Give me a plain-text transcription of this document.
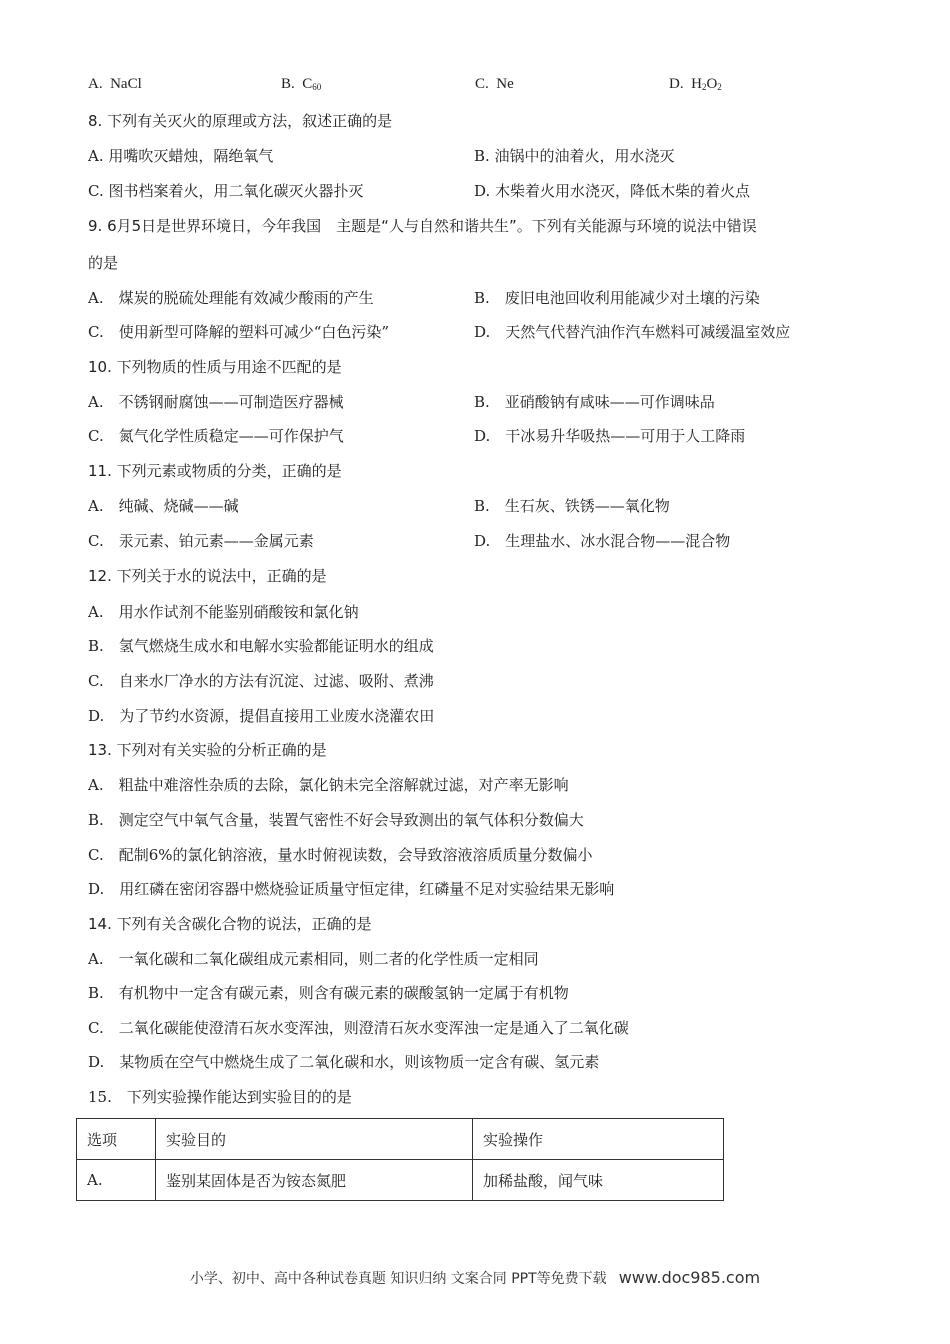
A. NaCl	B. $C_{60}$	C. Ne	D. $H_2O_2$
8. 下列有关灭火的原理或方法，叙述正确的是
A. 用嘴吹灭蜡烛，隔绝氧气	B. 油锅中的油着火，用水浇灭
C. 图书档案着火，用二氧化碳灭火器扑灭	D. 木柴着火用水浇灭，降低木柴的着火点
9. 6月5日是世界环境日，今年我国　主题是“人与自然和谐共生”。下列有关能源与环境的说法中错误
的是
A.　煤炭的脱硫处理能有效减少酸雨的产生	B.　废旧电池回收利用能减少对土壤的污染
C.　使用新型可降解的塑料可减少“白色污染”	D.　天然气代替汽油作汽车燃料可减缓温室效应
10. 下列物质的性质与用途不匹配的是
A.　不锈钢耐腐蚀——可制造医疗器械	B.　亚硝酸钠有咸味——可作调味品
C.　氮气化学性质稳定——可作保护气	D.　干冰易升华吸热——可用于人工降雨
11. 下列元素或物质的分类，正确的是
A.　纯碱、烧碱——碱	B.　生石灰、铁锈——氧化物
C.　汞元素、铂元素——金属元素	D.　生理盐水、冰水混合物——混合物
12. 下列关于水的说法中，正确的是
A.　用水作试剂不能鉴别硝酸铵和氯化钠
B.　氢气燃烧生成水和电解水实验都能证明水的组成
C.　自来水厂净水的方法有沉淀、过滤、吸附、煮沸
D.　为了节约水资源，提倡直接用工业废水浇灌农田
13. 下列对有关实验的分析正确的是
A.　粗盐中难溶性杂质的去除，氯化钠未完全溶解就过滤，对产率无影响
B.　测定空气中氧气含量，装置气密性不好会导致测出的氧气体积分数偏大
C.　配制6%的氯化钠溶液，量水时俯视读数，会导致溶液溶质质量分数偏小
D.　用红磷在密闭容器中燃烧验证质量守恒定律，红磷量不足对实验结果无影响
14. 下列有关含碳化合物的说法，正确的是
A.　一氧化碳和二氧化碳组成元素相同，则二者的化学性质一定相同
B.　有机物中一定含有碳元素，则含有碳元素的碳酸氢钠一定属于有机物
C.　二氧化碳能使澄清石灰水变浑浊，则澄清石灰水变浑浊一定是通入了二氧化碳
D.　某物质在空气中燃烧生成了二氧化碳和水，则该物质一定含有碳、氢元素
15.　下列实验操作能达到实验目的的是
选项	实验目的	实验操作
A.	鉴别某固体是否为铵态氮肥	加稀盐酸，闻气味
小学、初中、高中各种试卷真题 知识归纳 文案合同 PPT等免费下载 www.doc985.com
